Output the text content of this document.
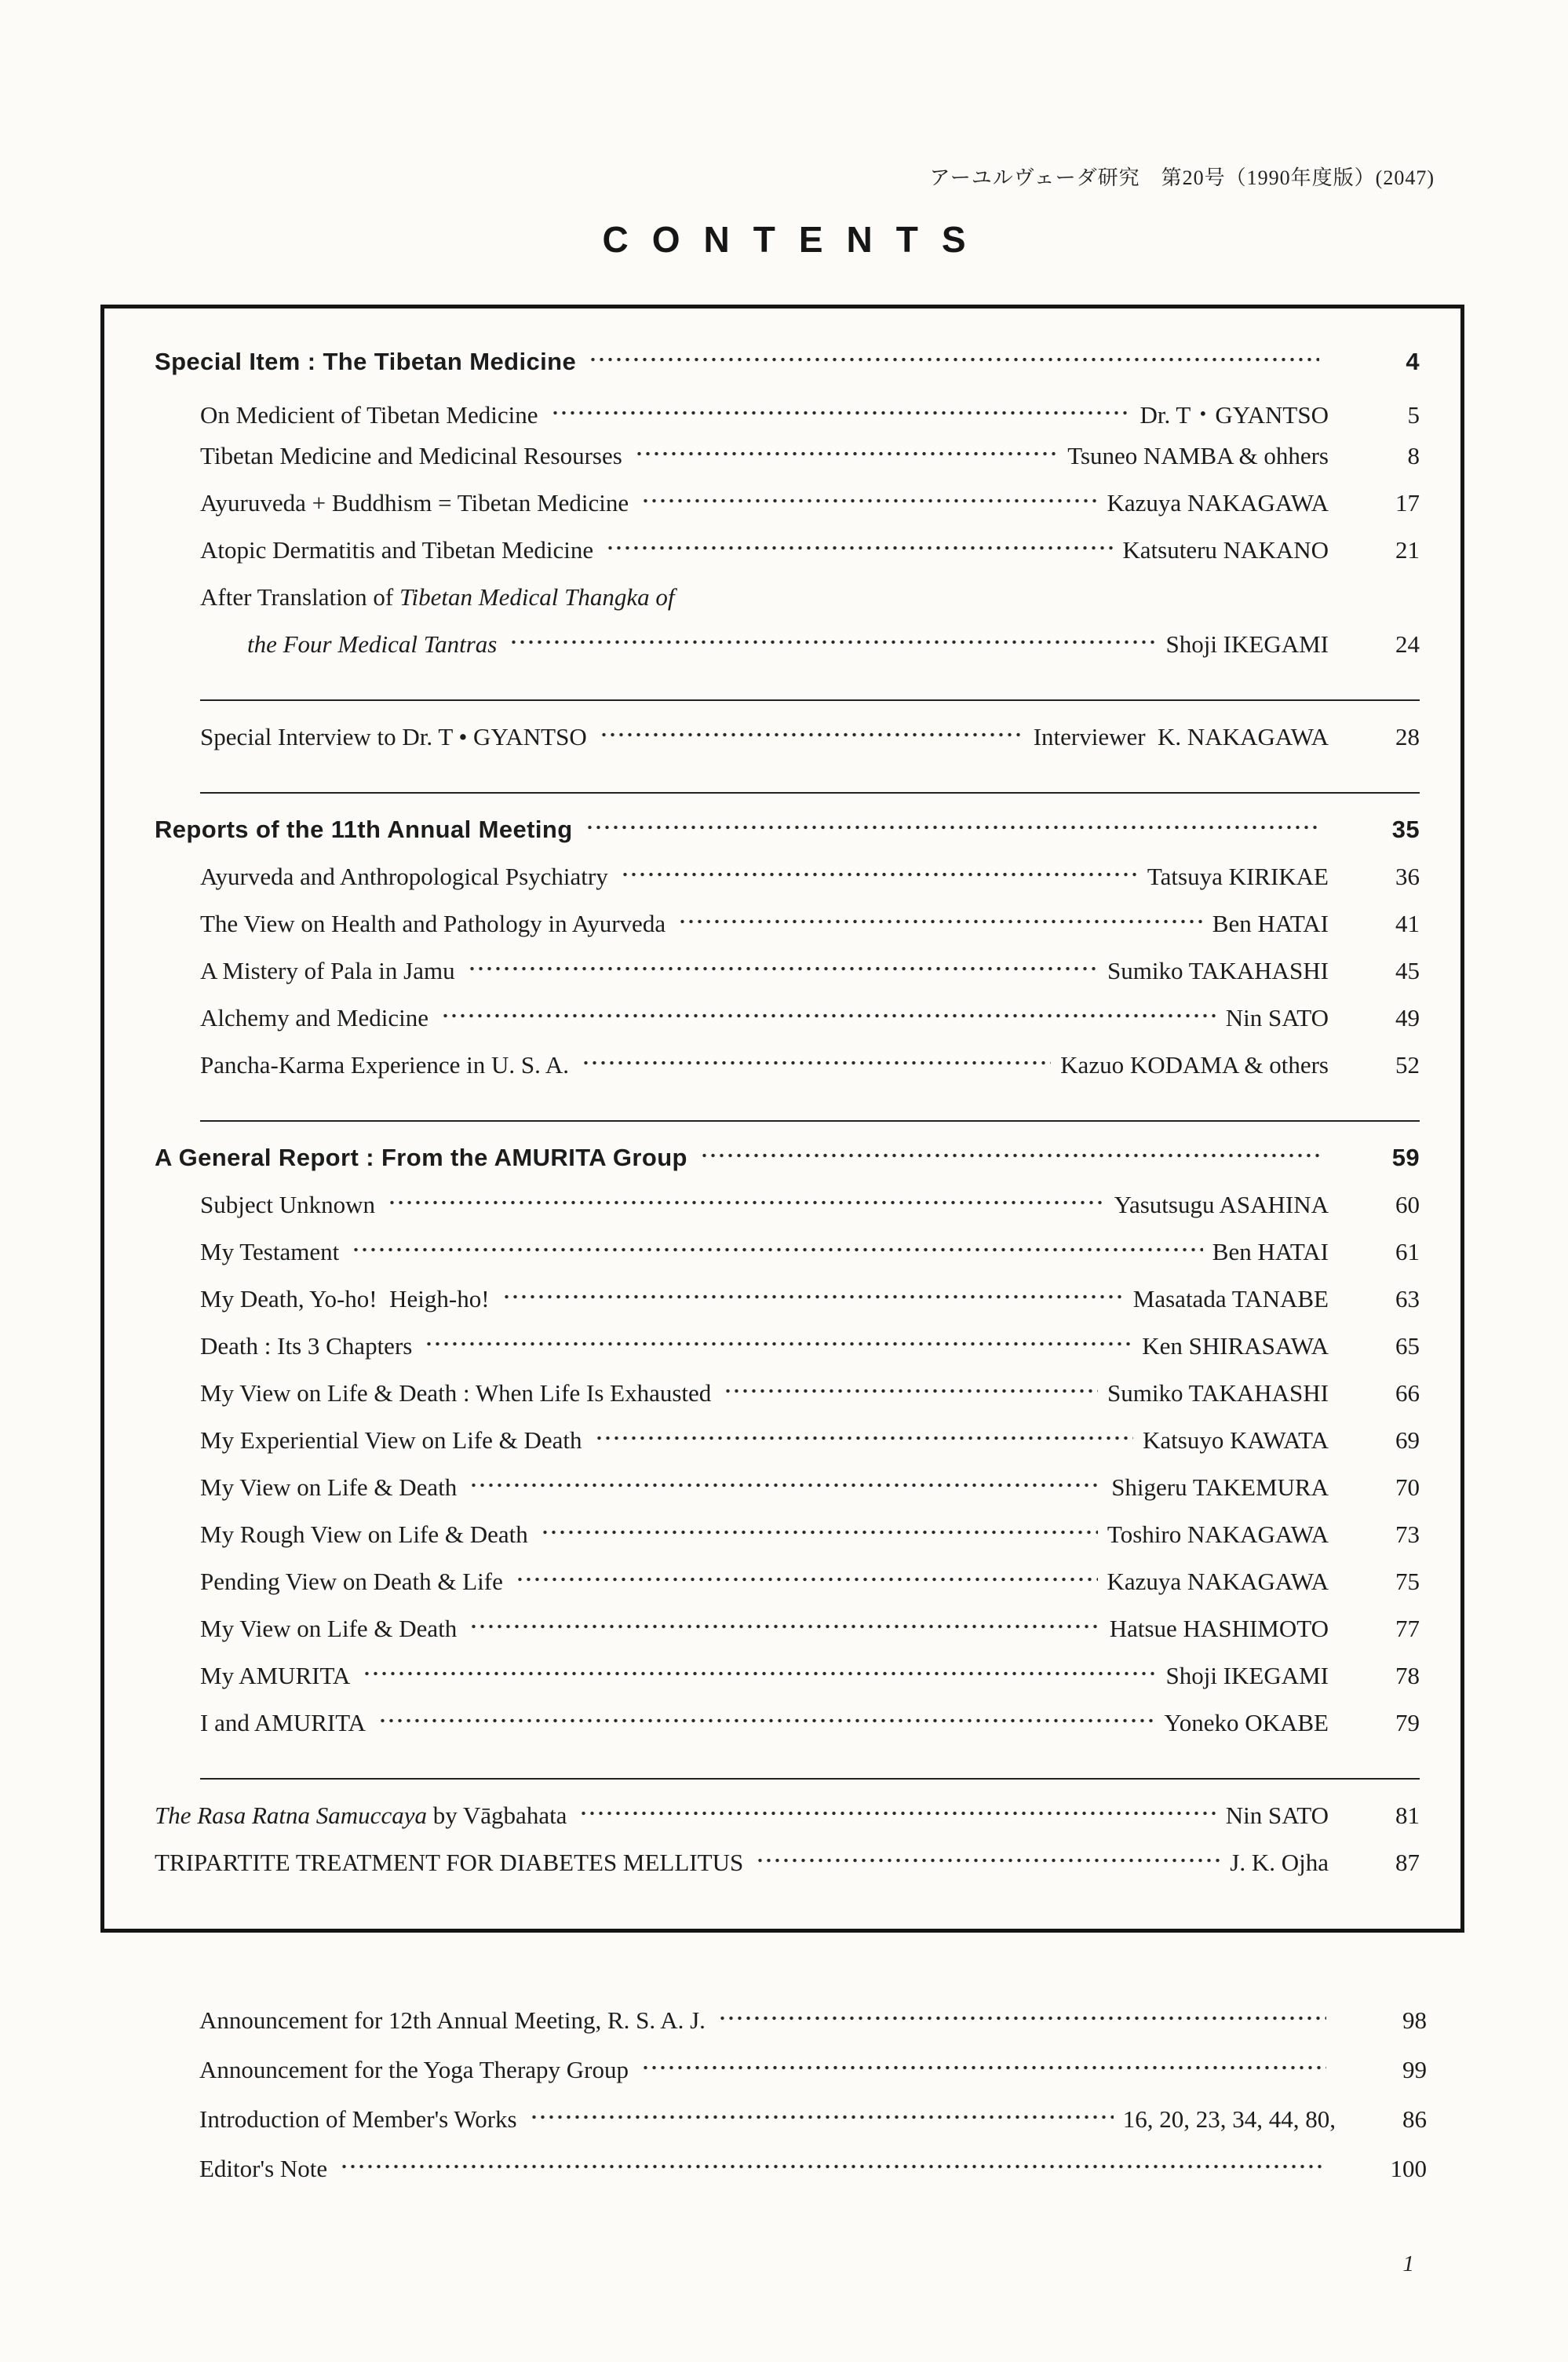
アーユルヴェーダ研究　第20号（1990年度版）(2047)
CONTENTS
Special Item : The Tibetan Medicine	4
On Medicient of Tibetan Medicine	Dr. T・GYANTSO	5
Tibetan Medicine and Medicinal Resourses	Tsuneo NAMBA & ohhers	8
Ayuruveda + Buddhism = Tibetan Medicine	Kazuya NAKAGAWA	17
Atopic Dermatitis and Tibetan Medicine	Katsuteru NAKANO	21
After Translation of Tibetan Medical Thangka of
the Four Medical Tantras	Shoji IKEGAMI	24
Special Interview to Dr. T • GYANTSO	Interviewer  K. NAKAGAWA	28
Reports of the 11th Annual Meeting	35
Ayurveda and Anthropological Psychiatry	Tatsuya KIRIKAE	36
The View on Health and Pathology in Ayurveda	Ben HATAI	41
A Mistery of Pala in Jamu	Sumiko TAKAHASHI	45
Alchemy and Medicine	Nin SATO	49
Pancha-Karma Experience in U. S. A.	Kazuo KODAMA & others	52
A General Report : From the AMURITA Group	59
Subject Unknown	Yasutsugu ASAHINA	60
My Testament	Ben HATAI	61
My Death, Yo-ho!  Heigh-ho!	Masatada TANABE	63
Death : Its 3 Chapters	Ken SHIRASAWA	65
My View on Life & Death : When Life Is Exhausted	Sumiko TAKAHASHI	66
My Experiential View on Life & Death	Katsuyo KAWATA	69
My View on Life & Death	Shigeru TAKEMURA	70
My Rough View on Life & Death	Toshiro NAKAGAWA	73
Pending View on Death & Life	Kazuya NAKAGAWA	75
My View on Life & Death	Hatsue HASHIMOTO	77
My AMURITA	Shoji IKEGAMI	78
I and AMURITA	Yoneko OKABE	79
The Rasa Ratna Samuccaya by Vāgbahata	Nin SATO	81
TRIPARTITE TREATMENT FOR DIABETES MELLITUS	J. K. Ojha	87
Announcement for 12th Annual Meeting, R. S. A. J.	98
Announcement for the Yoga Therapy Group	99
Introduction of Member's Works	16, 20, 23, 34, 44, 80,	86
Editor's Note	100
1
